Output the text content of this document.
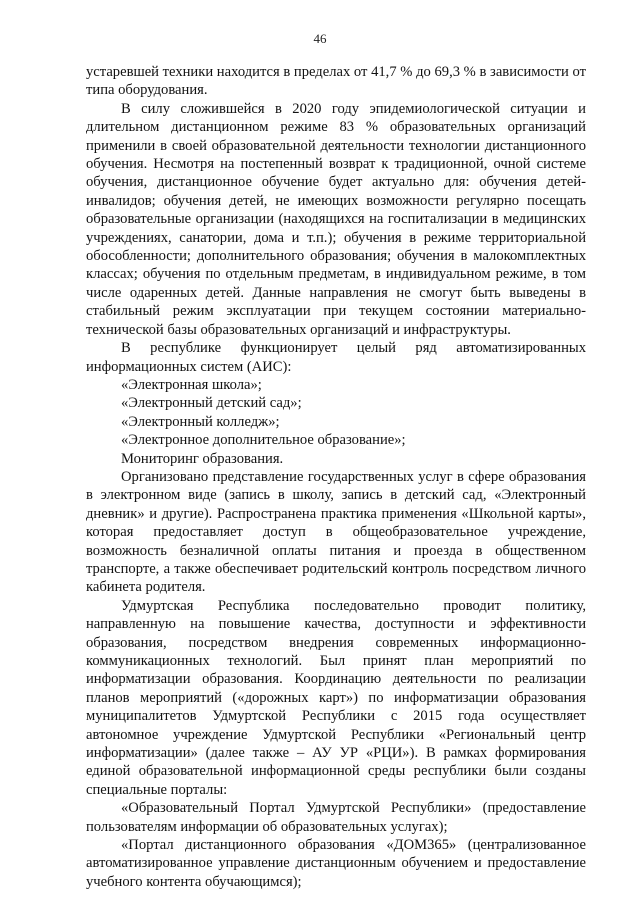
46

устаревшей техники находится в пределах от 41,7 % до 69,3 % в зависимости от типа оборудования.

В силу сложившейся в 2020 году эпидемиологической ситуации и длительном дистанционном режиме 83 % образовательных организаций применили в своей образовательной деятельности технологии дистанционного обучения. Несмотря на постепенный возврат к традиционной, очной системе обучения, дистанционное обучение будет актуально для: обучения детей-инвалидов; обучения детей, не имеющих возможности регулярно посещать образовательные организации (находящихся на госпитализации в медицинских учреждениях, санатории, дома и т.п.); обучения в режиме территориальной обособленности; дополнительного образования; обучения в малокомплектных классах; обучения по отдельным предметам, в индивидуальном режиме, в том числе одаренных детей. Данные направления не смогут быть выведены в стабильный режим эксплуатации при текущем состоянии материально-технической базы образовательных организаций и инфраструктуры.

В республике функционирует целый ряд автоматизированных информационных систем (АИС):

«Электронная школа»;

«Электронный детский сад»;

«Электронный колледж»;

«Электронное дополнительное образование»;

Мониторинг образования.

Организовано представление государственных услуг в сфере образования в электронном виде (запись в школу, запись в детский сад, «Электронный дневник» и другие). Распространена практика применения «Школьной карты», которая предоставляет доступ в общеобразовательное учреждение, возможность безналичной оплаты питания и проезда в общественном транспорте, а также обеспечивает родительский контроль посредством личного кабинета родителя.

Удмуртская Республика последовательно проводит политику, направленную на повышение качества, доступности и эффективности образования, посредством внедрения современных информационно-коммуникационных технологий. Был принят план мероприятий по информатизации образования. Координацию деятельности по реализации планов мероприятий («дорожных карт») по информатизации образования муниципалитетов Удмуртской Республики с 2015 года осуществляет автономное учреждение Удмуртской Республики «Региональный центр информатизации» (далее также – АУ УР «РЦИ»). В рамках формирования единой образовательной информационной среды республики были созданы специальные порталы:

«Образовательный Портал Удмуртской Республики» (предоставление пользователям информации об образовательных услугах);

«Портал дистанционного образования «ДОМ365» (централизованное автоматизированное управление дистанционным обучением и предоставление учебного контента обучающимся);
